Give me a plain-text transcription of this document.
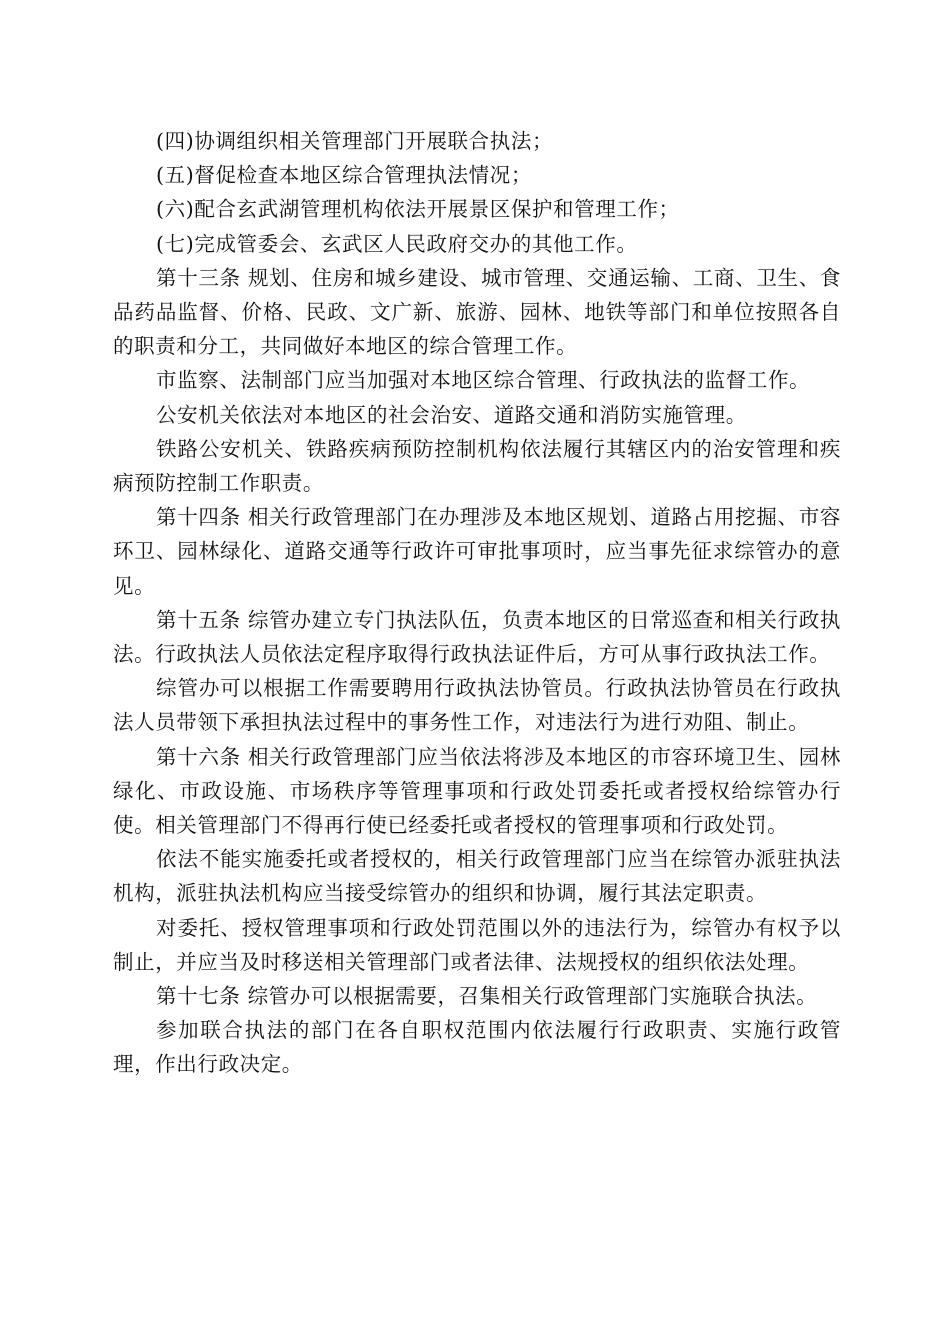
(四)协调组织相关管理部门开展联合执法；

(五)督促检查本地区综合管理执法情况；

(六)配合玄武湖管理机构依法开展景区保护和管理工作；

(七)完成管委会、玄武区人民政府交办的其他工作。

第十三条 规划、住房和城乡建设、城市管理、交通运输、工商、卫生、食品药品监督、价格、民政、文广新、旅游、园林、地铁等部门和单位按照各自的职责和分工，共同做好本地区的综合管理工作。

市监察、法制部门应当加强对本地区综合管理、行政执法的监督工作。

公安机关依法对本地区的社会治安、道路交通和消防实施管理。

铁路公安机关、铁路疾病预防控制机构依法履行其辖区内的治安管理和疾病预防控制工作职责。

第十四条 相关行政管理部门在办理涉及本地区规划、道路占用挖掘、市容环卫、园林绿化、道路交通等行政许可审批事项时，应当事先征求综管办的意见。

第十五条 综管办建立专门执法队伍，负责本地区的日常巡查和相关行政执法。行政执法人员依法定程序取得行政执法证件后，方可从事行政执法工作。

综管办可以根据工作需要聘用行政执法协管员。行政执法协管员在行政执法人员带领下承担执法过程中的事务性工作，对违法行为进行劝阻、制止。

第十六条 相关行政管理部门应当依法将涉及本地区的市容环境卫生、园林绿化、市政设施、市场秩序等管理事项和行政处罚委托或者授权给综管办行使。相关管理部门不得再行使已经委托或者授权的管理事项和行政处罚。

依法不能实施委托或者授权的，相关行政管理部门应当在综管办派驻执法机构，派驻执法机构应当接受综管办的组织和协调，履行其法定职责。

对委托、授权管理事项和行政处罚范围以外的违法行为，综管办有权予以制止，并应当及时移送相关管理部门或者法律、法规授权的组织依法处理。

第十七条 综管办可以根据需要，召集相关行政管理部门实施联合执法。

参加联合执法的部门在各自职权范围内依法履行行政职责、实施行政管理，作出行政决定。
